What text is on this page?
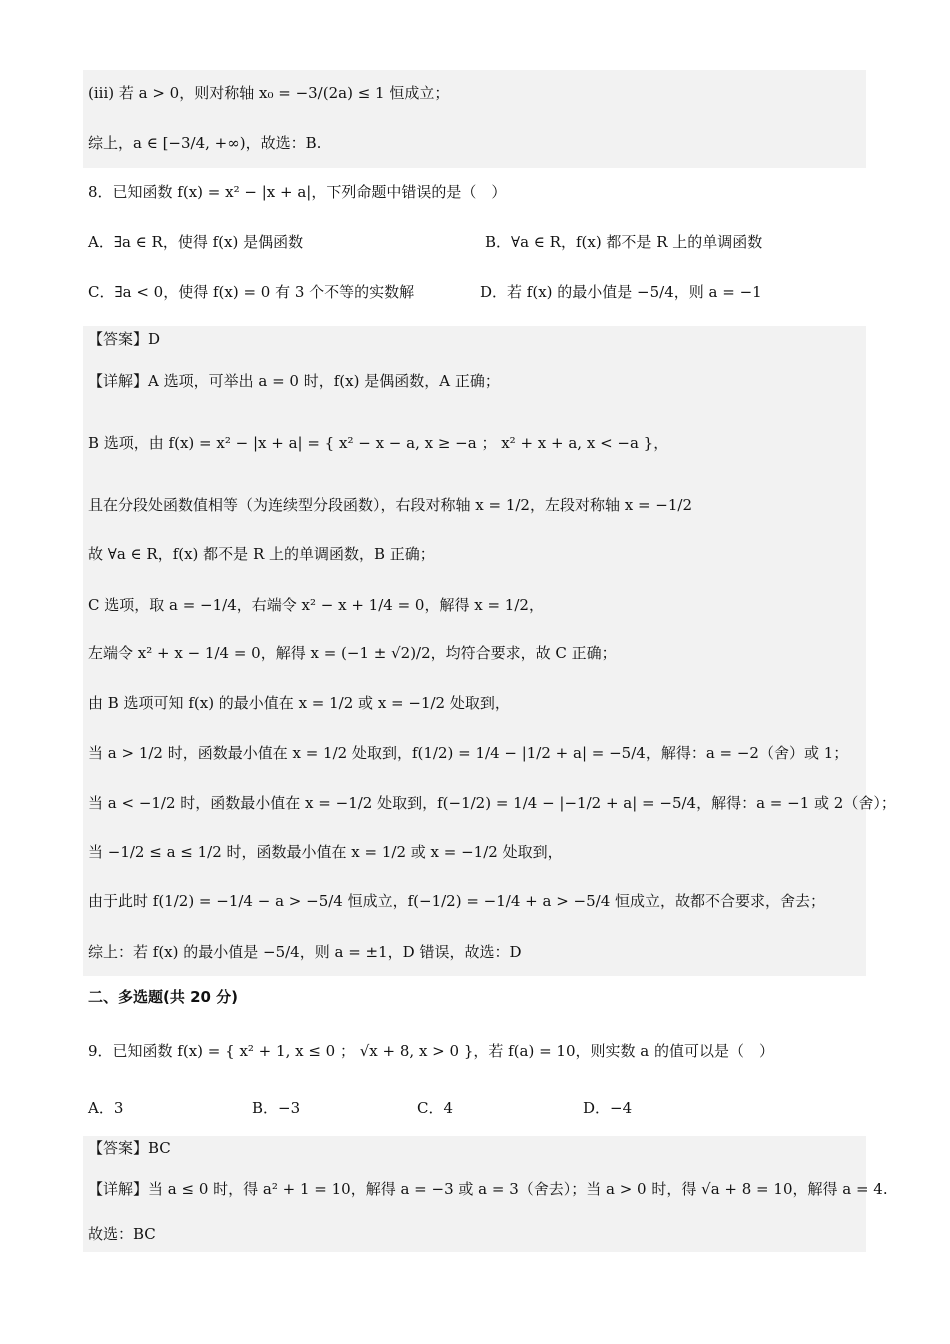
(iii) 若 a > 0，则对称轴 x₀ = −3/(2a) ≤ 1 恒成立；
综上，a ∈ [−3/4, +∞)，故选：B.
8．已知函数 f(x) = x² − |x + a|，下列命题中错误的是（　）
A．∃a ∈ R，使得 f(x) 是偶函数	B．∀a ∈ R，f(x) 都不是 R 上的单调函数
C．∃a < 0，使得 f(x) = 0 有 3 个不等的实数解	D．若 f(x) 的最小值是 −5/4，则 a = −1
【答案】D
【详解】A 选项，可举出 a = 0 时，f(x) 是偶函数，A 正确；
B 选项，由 f(x) = x² − |x + a| = { x² − x − a, x ≥ −a ； x² + x + a, x < −a }，
且在分段处函数值相等（为连续型分段函数），右段对称轴 x = 1/2，左段对称轴 x = −1/2
故 ∀a ∈ R，f(x) 都不是 R 上的单调函数，B 正确；
C 选项，取 a = −1/4，右端令 x² − x + 1/4 = 0，解得 x = 1/2，
左端令 x² + x − 1/4 = 0，解得 x = (−1 ± √2)/2，均符合要求，故 C 正确；
由 B 选项可知 f(x) 的最小值在 x = 1/2 或 x = −1/2 处取到，
当 a > 1/2 时，函数最小值在 x = 1/2 处取到，f(1/2) = 1/4 − |1/2 + a| = −5/4，解得：a = −2（舍）或 1；
当 a < −1/2 时，函数最小值在 x = −1/2 处取到，f(−1/2) = 1/4 − |−1/2 + a| = −5/4，解得：a = −1 或 2（舍）；
当 −1/2 ≤ a ≤ 1/2 时，函数最小值在 x = 1/2 或 x = −1/2 处取到，
由于此时 f(1/2) = −1/4 − a > −5/4 恒成立，f(−1/2) = −1/4 + a > −5/4 恒成立，故都不合要求，舍去；
综上：若 f(x) 的最小值是 −5/4，则 a = ±1，D 错误，故选：D
二、多选题(共 20 分)
9．已知函数 f(x) = { x² + 1, x ≤ 0 ； √x + 8, x > 0 }，若 f(a) = 10，则实数 a 的值可以是（　）
A．3	B．−3	C．4	D．−4
【答案】BC
【详解】当 a ≤ 0 时，得 a² + 1 = 10，解得 a = −3 或 a = 3（舍去）；当 a > 0 时，得 √a + 8 = 10，解得 a = 4.
故选：BC
